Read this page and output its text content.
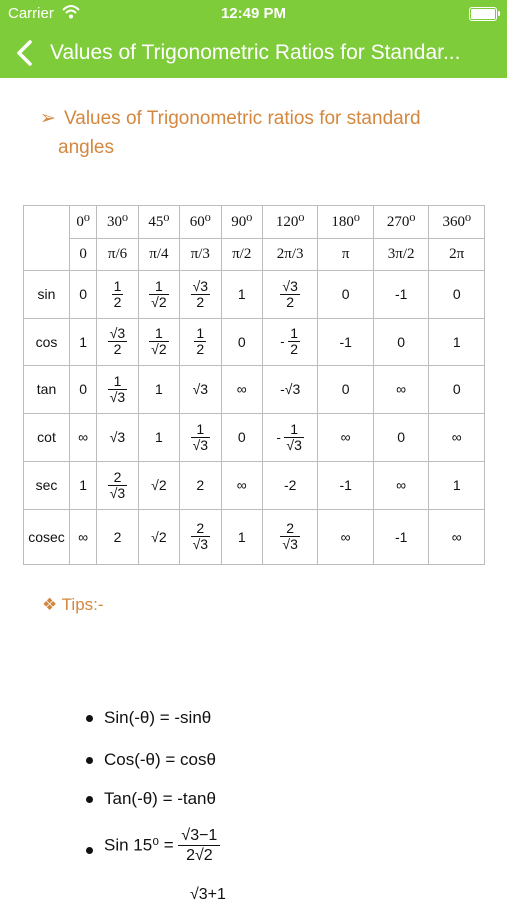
Carrier	12:49 PM
Values of Trigonometric Ratios for Standar...
➢ Values of Trigonometric ratios for standard
angles
	0⁰	30⁰	45⁰	60⁰	90⁰	120⁰	180⁰	270⁰	360⁰
	0	π/6	π/4	π/3	π/2	2π/3	π	3π/2	2π
sin	0	$\frac{1}{2}$	$\frac{1}{√2}$	$\frac{√3}{2}$	1	$\frac{√3}{2}$	0	-1	0
cos	1	$\frac{√3}{2}$	$\frac{1}{√2}$	$\frac{1}{2}$	0	- $\frac{1}{2}$	-1	0	1
tan	0	$\frac{1}{√3}$	1	√3	∞	-√3	0	∞	0
cot	∞	√3	1	$\frac{1}{√3}$	0	- $\frac{1}{√3}$	∞	0	∞
sec	1	$\frac{2}{√3}$	√2	2	∞	-2	-1	∞	1
cosec	∞	2	√2	$\frac{2}{√3}$	1	$\frac{2}{√3}$	∞	-1	∞
❖ Tips:-
Sin(-θ) = -sinθ
Cos(-θ) = cosθ
Tan(-θ) = -tanθ
Sin $15^0 = \frac{√3-1}{2√2}$
√3+1
